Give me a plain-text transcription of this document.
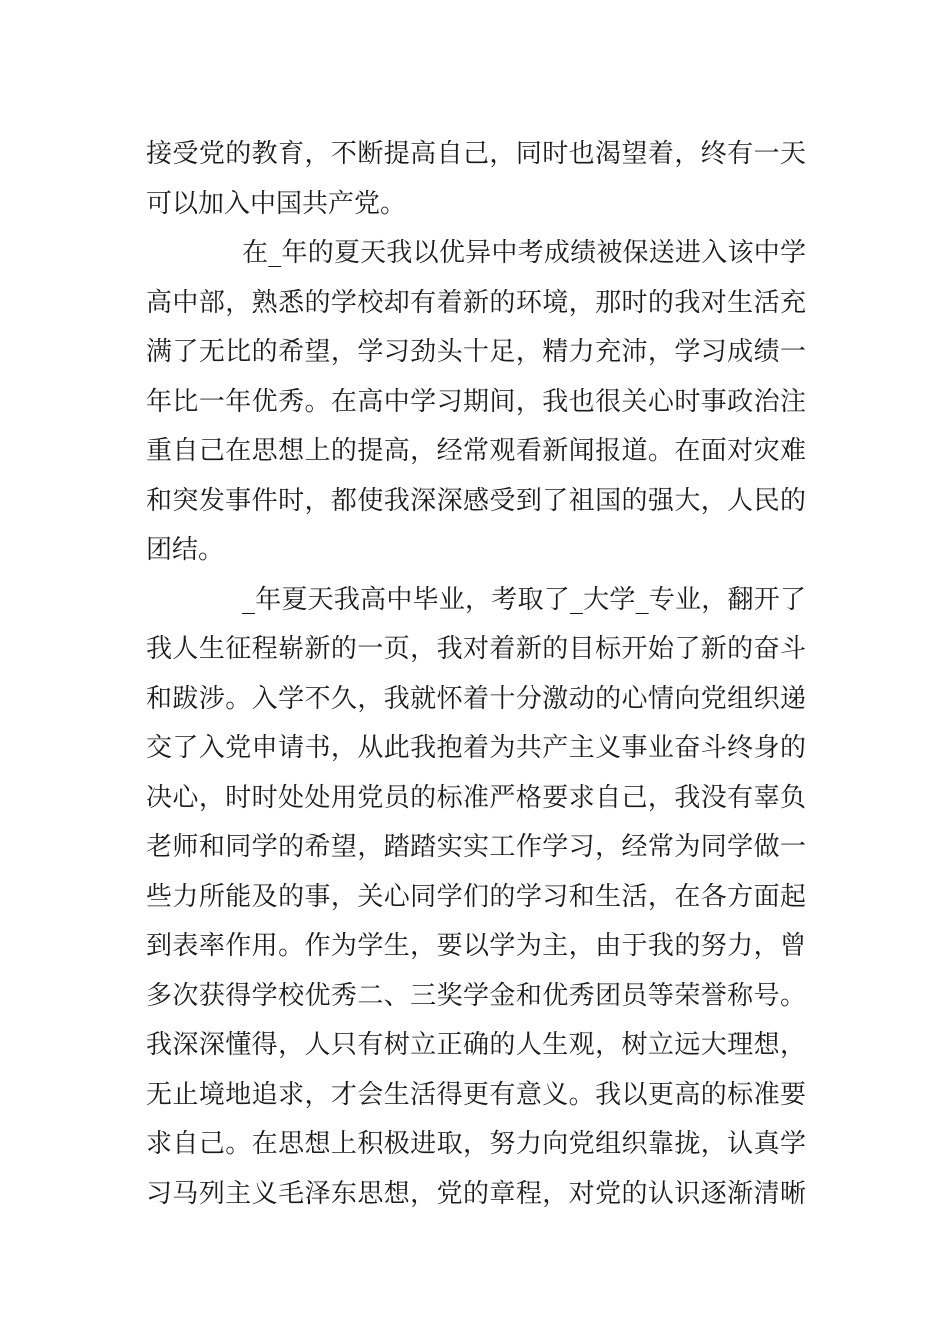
接受党的教育，不断提高自己，同时也渴望着，终有一天
可以加入中国共产党。
在_年的夏天我以优异中考成绩被保送进入该中学
高中部，熟悉的学校却有着新的环境，那时的我对生活充
满了无比的希望，学习劲头十足，精力充沛，学习成绩一
年比一年优秀。在高中学习期间，我也很关心时事政治注
重自己在思想上的提高，经常观看新闻报道。在面对灾难
和突发事件时，都使我深深感受到了祖国的强大，人民的
团结。
_年夏天我高中毕业，考取了_大学_专业，翻开了
我人生征程崭新的一页，我对着新的目标开始了新的奋斗
和跋涉。入学不久，我就怀着十分激动的心情向党组织递
交了入党申请书，从此我抱着为共产主义事业奋斗终身的
决心，时时处处用党员的标准严格要求自己，我没有辜负
老师和同学的希望，踏踏实实工作学习，经常为同学做一
些力所能及的事，关心同学们的学习和生活，在各方面起
到表率作用。作为学生，要以学为主，由于我的努力，曾
多次获得学校优秀二、三奖学金和优秀团员等荣誉称号。
我深深懂得，人只有树立正确的人生观，树立远大理想，
无止境地追求，才会生活得更有意义。我以更高的标准要
求自己。在思想上积极进取，努力向党组织靠拢，认真学
习马列主义毛泽东思想，党的章程，对党的认识逐渐清晰
